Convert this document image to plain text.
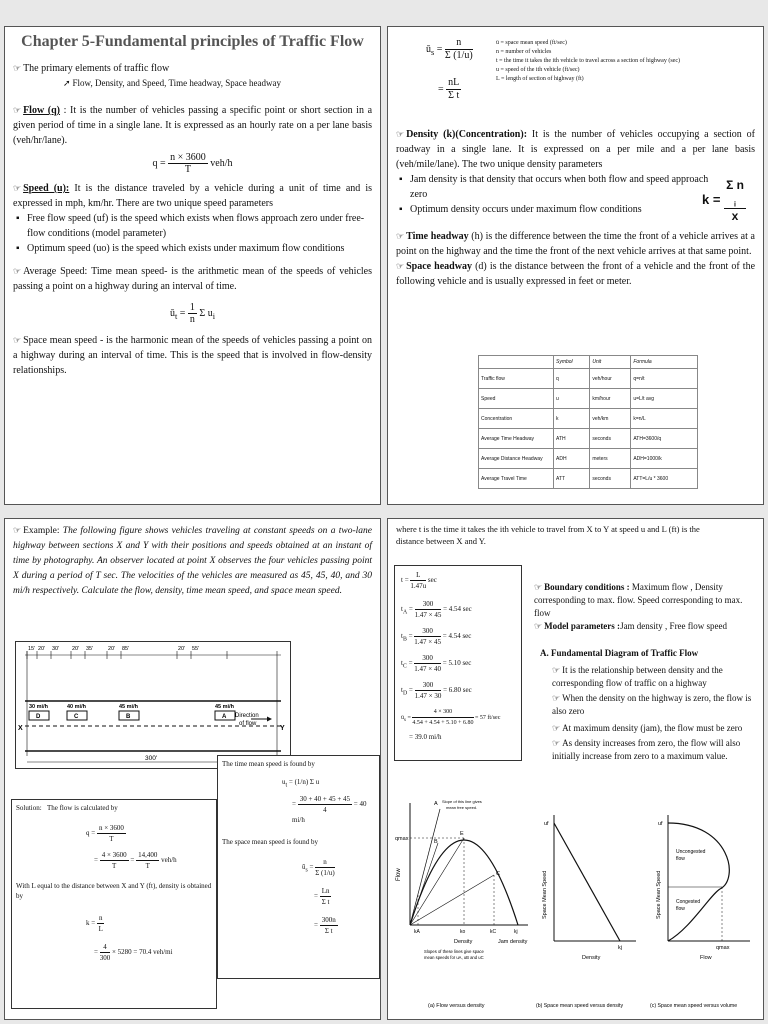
Chapter 5-Fundamental principles of Traffic Flow

☞ The primary elements of traffic flow

➚ Flow, Density, and Speed, Time headway, Space headway

☞ Flow (q) : It is the number of vehicles passing a specific point or short section in a given period of time in a single lane. It is expressed as an hourly rate on a per lane basis (veh/hr/lane).

$q = \frac{n \times 3600}{T} veh/h$

☞ Speed (u): It is the distance traveled by a vehicle during a unit of time and is expressed in mph, km/hr. There are two unique speed parameters

▪ Free flow speed (uf) is the speed which exists when flows approach zero under free-flow conditions (model parameter)
▪ Optimum speed (uo) is the speed which exists under maximum flow conditions

☞ Average Speed: Time mean speed- is the arithmetic mean of the speeds of vehicles passing a point on a highway during an interval of time.

$ū_t = \frac{1}{n}$ Σ $u_i$

☞ Space mean speed - is the harmonic mean of the speeds of vehicles passing a point on a highway during an interval of time. This is the speed that is involved in flow-density relationships.

$ū_s = \frac{n}{\Sigma (1/u)}$
= $\frac{nL}{\text{Σ t}}$
ū = space mean speed (ft/sec)
n = number of vehicles
t = the time it takes the ith vehicle to travel across a section of highway (sec)
u = speed of the ith vehicle (ft/sec)
L = length of section of highway (ft)

☞ Density (k)(Concentration): It is the number of vehicles occupying a section of roadway in a single lane. It is expressed on a per mile and a per lane basis (veh/mile/lane). The two unique density parameters

▪ Jam density is that density that occurs when both flow and speed approach zero
▪ Optimum density occurs under maximum flow conditions
k = Σ n
$_i$
x

☞ Time headway (h) is the difference between the time the front of a vehicle arrives at a point on the highway and the time the front of the next vehicle arrives at that same point.

☞ Space headway (d) is the distance between the front of a vehicle and the front of the following vehicle and is usually expressed in feet or meter.

	Symbol	Unit	Formula
Traffic flow	q	veh/hour	q=n/t
Speed	u	km/hour	u=L/t avg
Concentration	k	veh/km	k=n/L
Average Time Headway	ATH	seconds	ATH=3600/q
Average Distance Headway	ADH	meters	ADH=1000/k
Average Travel Time	ATT	seconds	ATT=L/u * 3600

☞ Example: The following figure shows vehicles traveling at constant speeds on a two-lane highway between sections X and Y with their positions and speeds obtained at an instant of time by photography. An observer located at point X observes the four vehicles passing point X during a period of T sec. The velocities of the vehicles are measured as 45, 45, 40, and 30 mi/h respectively. Calculate the flow, density, time mean speed, and space mean speed.

15' 20' 30' 20' 35'	20' 85'	20' 55'
D
30 mi/h
C
40 mi/h
B
45 mi/h
A
45 mi/h
X	Y
Direction
of flow
300'
The time mean speed is found by
$u_t = (1/n)$ Σ u
= $\frac{30 + 40 + 45 + 45}{4} = 40$ mi/h
The space mean speed is found by
$ū_s = \frac{n}{\Sigma (1/u)}$
= $\frac{Ln}{\text{Σ t}}$
= $\frac{300n}{\text{Σ t}}$
Solution: The flow is calculated by
$q = \frac{n \times 3600}{T}$
= $\frac{4 \times 3600}{T} = \frac{14,400}{T} veh/h$
With L equal to the distance between X and Y (ft), density is obtained by
$k = \frac{n}{L}$
= $\frac{4}{300} \times 5280 = 70.4$ veh/mi

where t is the time it takes the ith vehicle to travel from X to Y at speed u and L (ft) is the distance between X and Y.

$t = \frac{L}{1.47u}$ sec
$t_A = \frac{300}{1.47 \times 45} = 4.54$ sec
$t_B = \frac{300}{1.47 \times 45} = 4.54$ sec
$t_C = \frac{300}{1.47 \times 40} = 5.10$ sec
$t_D = \frac{300}{1.47 \times 30} = 6.80$ sec
$ū_s = \frac{4 \times 300}{4.54 + 4.54 + 5.10 + 6.80} = 57$ ft/sec
= 39.0 mi/h
☞ Boundary conditions : Maximum flow , Density corresponding to max. flow. Speed corresponding to max. flow
☞ Model parameters :Jam density , Free flow speed
A. Fundamental Diagram of Traffic Flow
☞ It is the relationship between density and the corresponding flow of traffic on a highway
☞ When the density on the highway is zero, the flow is also zero
☞ At maximum density (jam), the flow must be zero
☞ As density increases from zero, the flow will also initially increase from zero to a maximum value.
Flow
qmax
A
B
C
E
Slope of this line gives
mean free speed.
kA	ko	kC	kj
Density	Jam density
Slopes of these lines give space
mean speeds for uA, uB and uC
(a) Flow versus density
uf
kj
Space Mean Speed
Density
(b) Space mean speed versus density
uf
Uncongested
flow
Congested
flow
qmax
Space Mean Speed
Flow
(c) Space mean speed versus volume
